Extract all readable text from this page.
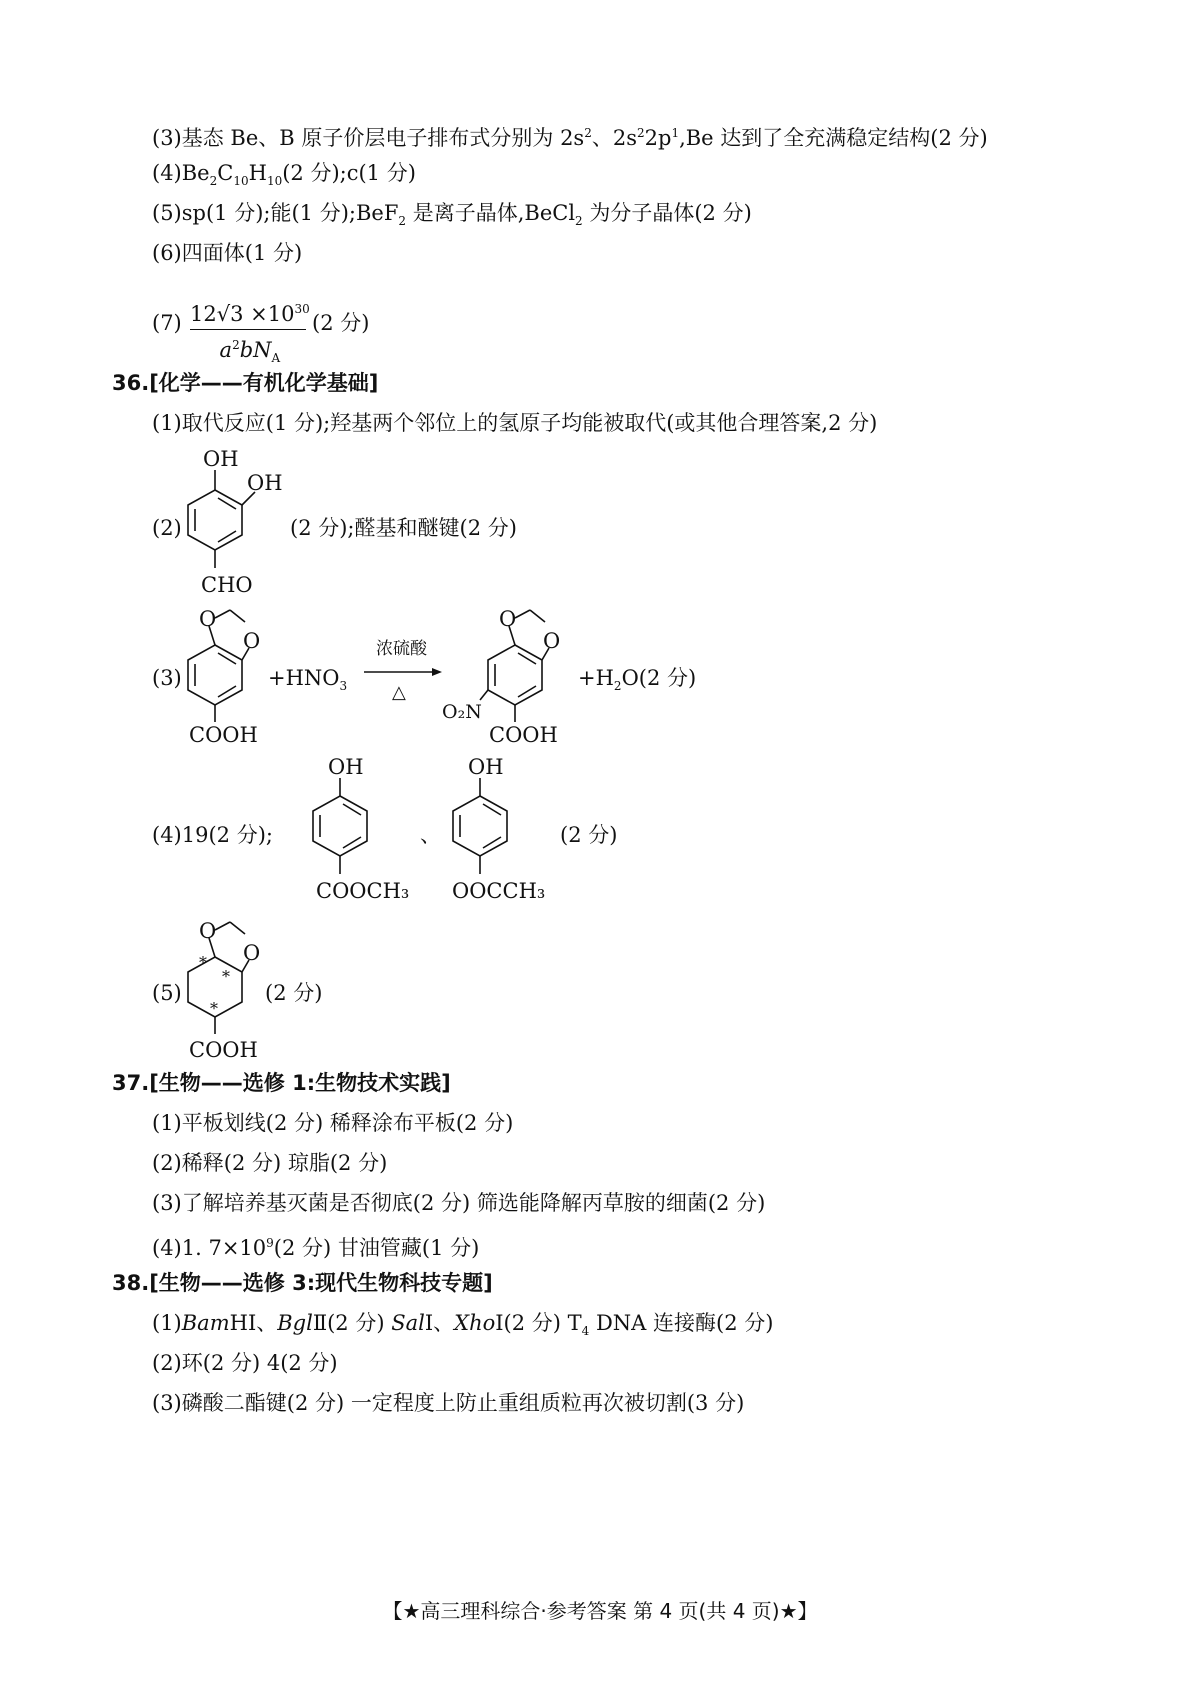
(3)基态 Be、B 原子价层电子排布式分别为 $2s^2$、$2s^22p^1,Be$ 达到了全充满稳定结构(2 分)
$(4)Be_2C_{10}H_{10}(2$ 分);c(1 分)
(5)sp(1 分);能(1 分);BeF$_2$ 是离子晶体,BeCl$_2$ 为分子晶体(2 分)
(6)四面体(1 分)
(7) $12√3 \times 10^{30}$
$a^2bN_A$
(2 分)
36.[化学——有机化学基础]
(1)取代反应(1 分);羟基两个邻位上的氢原子均能被取代(或其他合理答案,2 分)
(2)
OH
OH
CHO
(2 分);醛基和醚键(2 分)
(3)
O
O
COOH
$+HNO_3$
浓硫酸
△
O
O
O₂N
COOH
$+H_2O(2$ 分)
(4)19(2 分);
OH
COOCH₃
、
OH
OOCCH₃
(2 分)
(5)
O
O
*
*
*
COOH
(2 分)
37.[生物——选修 1:生物技术实践]
(1)平板划线(2 分) 稀释涂布平板(2 分)
(2)稀释(2 分) 琼脂(2 分)
(3)了解培养基灭菌是否彻底(2 分) 筛选能降解丙草胺的细菌(2 分)
(4)1. $7\times 10^9(2$ 分) 甘油管藏(1 分)
38.[生物——选修 3:现代生物科技专题]
(1)BamHⅠ、BglⅡ(2 分) SalⅠ、XhoⅠ(2 分) $T_4$ DNA 连接酶(2 分)
(2)环(2 分) 4(2 分)
(3)磷酸二酯键(2 分) 一定程度上防止重组质粒再次被切割(3 分)
【★高三理科综合·参考答案 第 4 页(共 4 页)★】
